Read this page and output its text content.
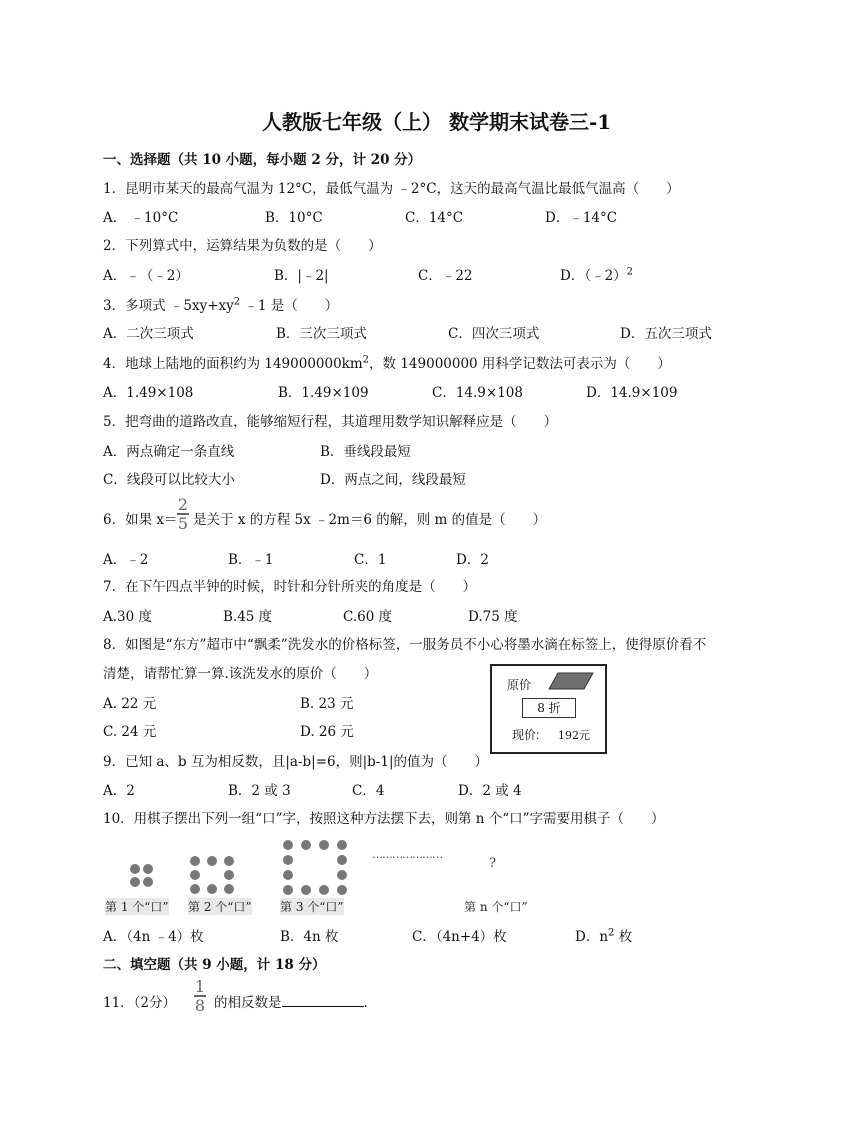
人教版七年级（上） 数学期末试卷三-1
一、选择题（共 10 小题，每小题 2 分，计 20 分）
1．昆明市某天的最高气温为 12°C，最低气温为 ﹣2°C，这天的最高气温比最低气温高（　　）
A． ﹣10°C	B．10°C	C．14°C	D．﹣14°C
2．下列算式中，运算结果为负数的是（　　）
A．﹣（﹣2）	B．|﹣2|	C．﹣22	D．（﹣2）$^2$
3．多项式 $﹣5xy+xy^2$ ﹣1 是（　　）
A．二次三项式	B．三次三项式	C．四次三项式	D．五次三项式
4．地球上陆地的面积约为 $149000000km^2$，数 149000000 用科学记数法可表示为（　　）
A．1.49×108	B．1.49×109	C．14.9×108	D．14.9×109
5．把弯曲的道路改直，能够缩短行程，其道理用数学知识解释应是（　　）
A．两点确定一条直线	B．垂线段最短
C．线段可以比较大小	D．两点之间，线段最短
6．如果 x＝
2
5 是关于 x 的方程 5x ﹣2m＝6 的解，则 m 的值是（　　）
A．﹣2	B．﹣1	C．1	D．2
7．在下午四点半钟的时候，时针和分针所夹的角度是（　　）
A.30 度	B.45 度	C.60 度	D.75 度
8．如图是“东方”超市中“飘柔”洗发水的价格标签，一服务员不小心将墨水滴在标签上，使得原价看不
清楚，请帮忙算一算.该洗发水的原价（　　）
A. 22 元	B. 23 元
C. 24 元	D. 26 元
原价
8 折
现价: 192元
9．已知 a、b 互为相反数，且|a-b|=6，则|b-1|的值为（　　）
A．2	B．2 或 3	C．4	D．2 或 4
10．用棋子摆出下列一组“口”字，按照这种方法摆下去，则第 n 个“口”字需要用棋子（　　）
…………………
?
第 1 个“口” 第 2 个“口” 第 3 个“口”	第 n 个“口”
A．（4n ﹣4）枚	B．4n 枚	C．（4n+4）枚	D．$n^2$ 枚
二、填空题（共 9 小题，计 18 分）
11．（2分）
1
8 的相反数是	.
